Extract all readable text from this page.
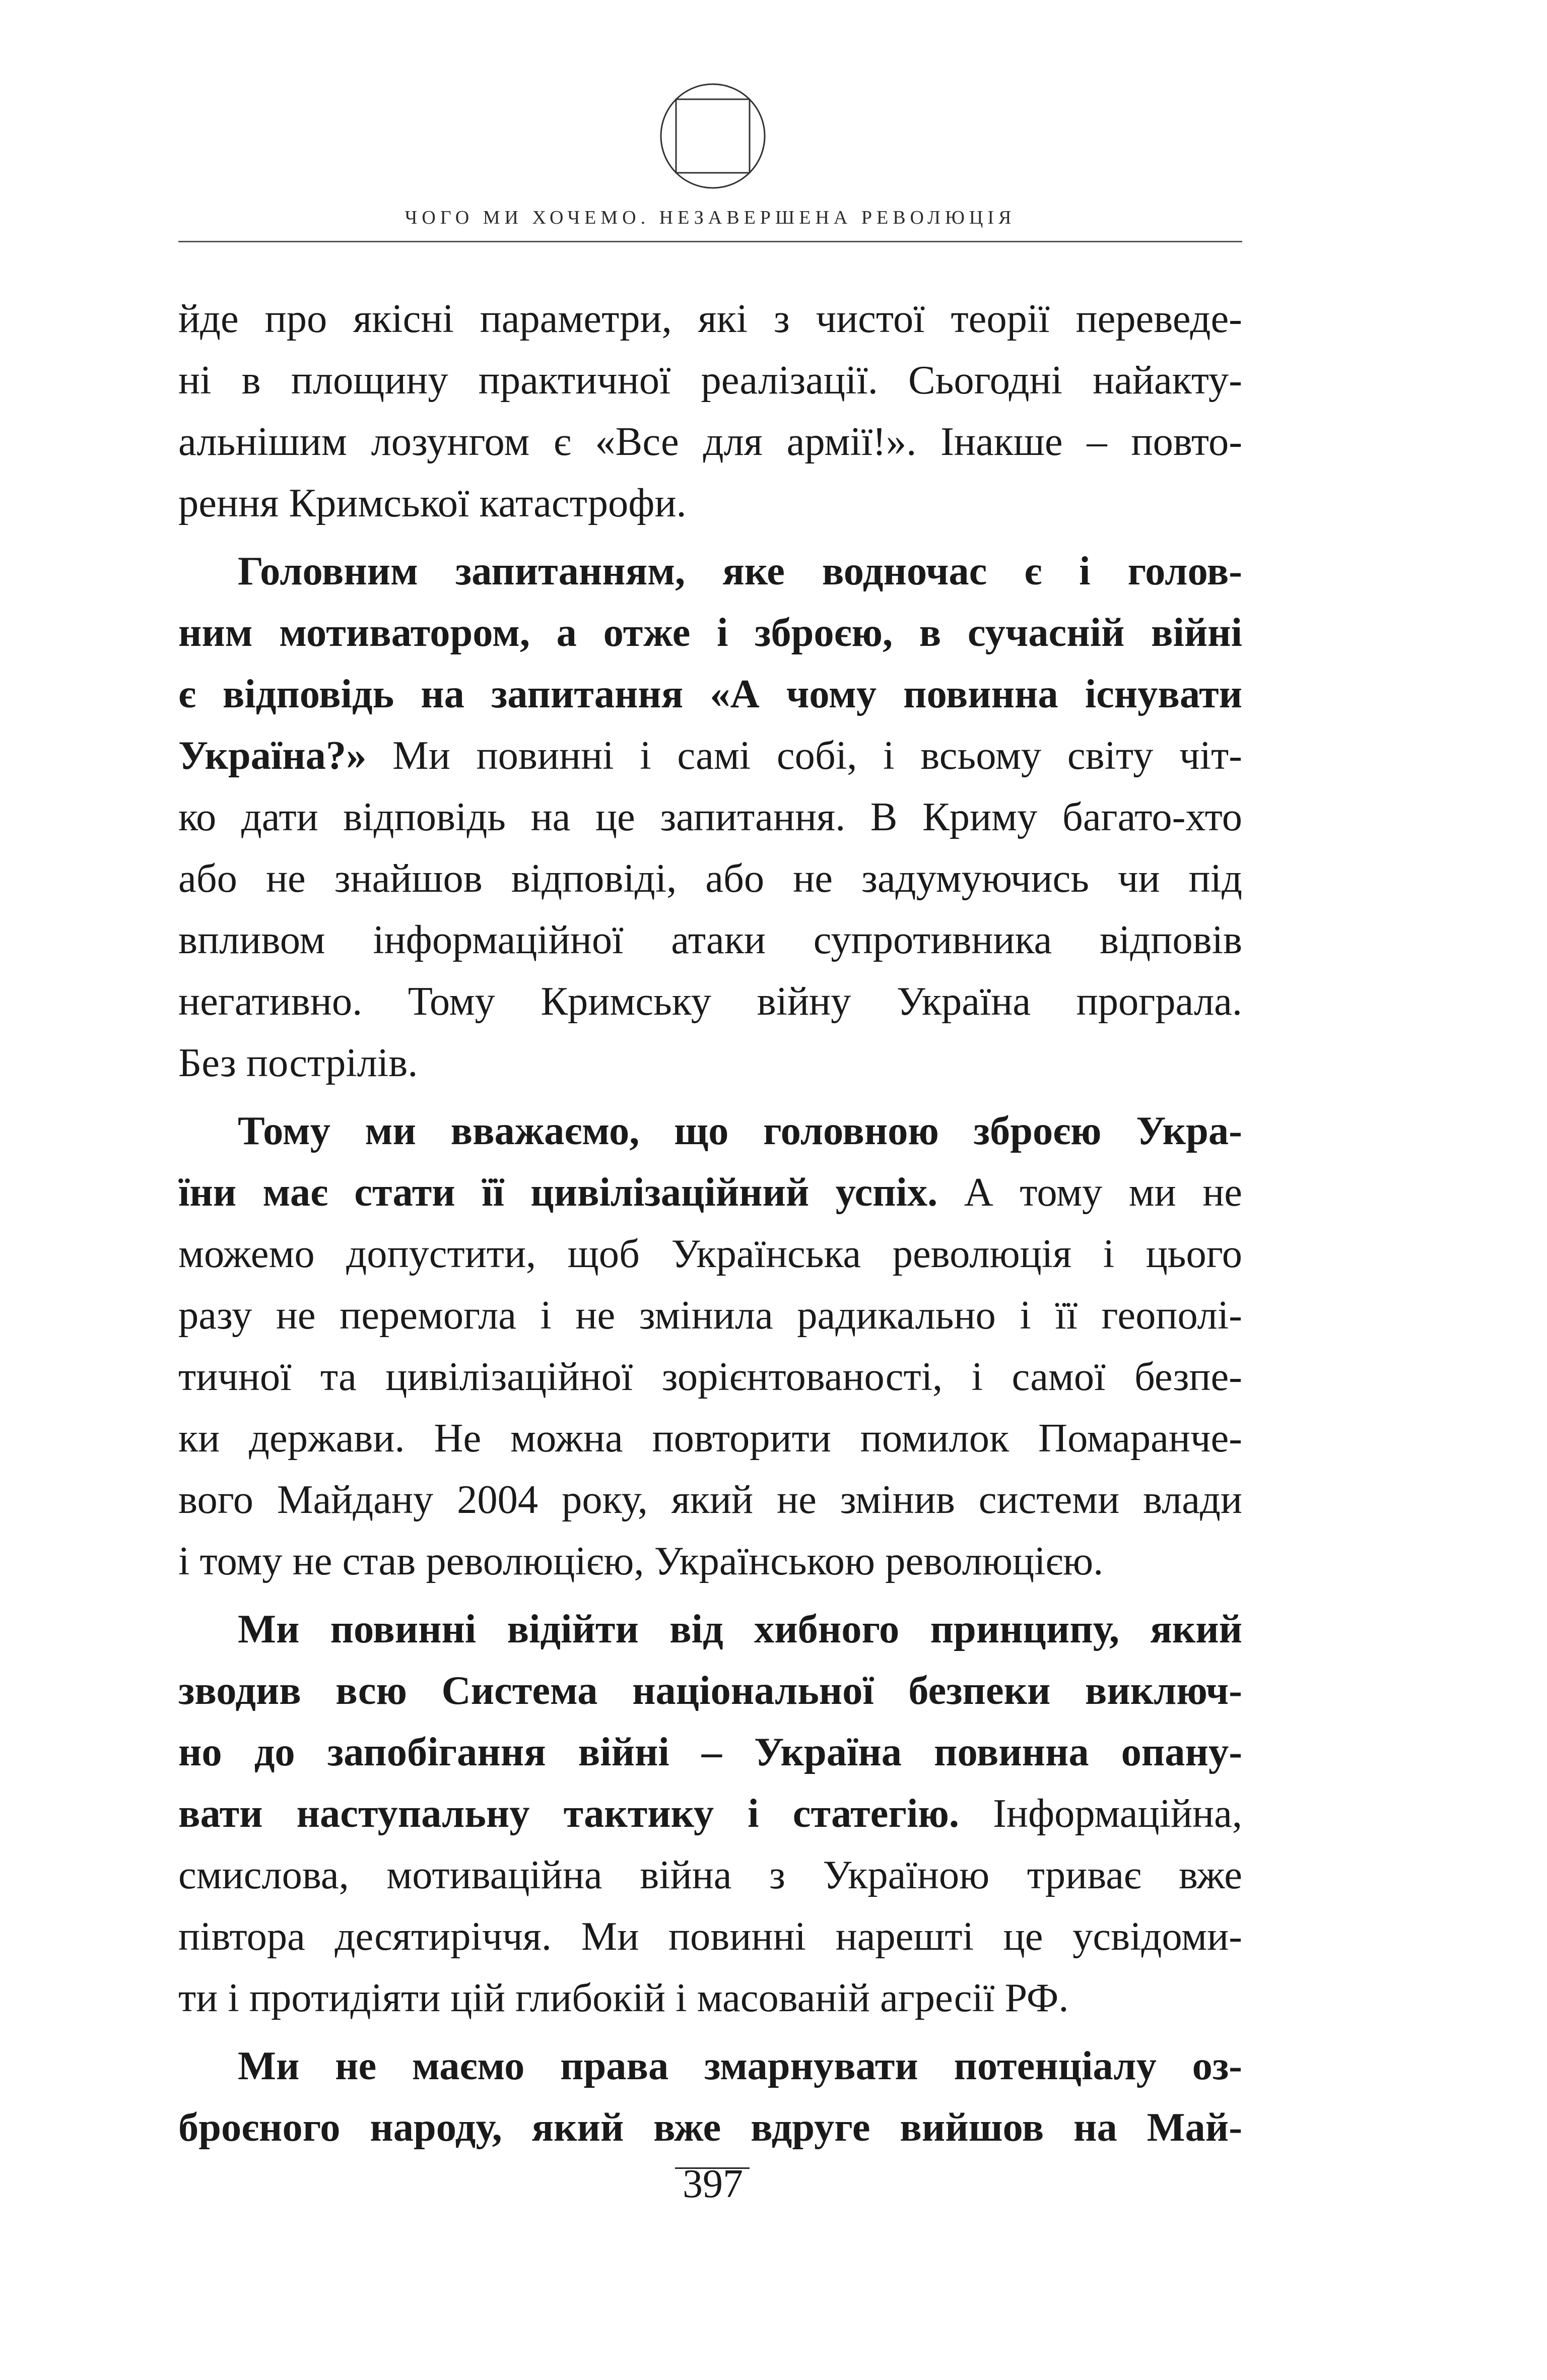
ЧОГО МИ ХОЧЕМО. НЕЗАВЕРШЕНА РЕВОЛЮЦІЯ
йде про якісні параметри, які з чистої теорії переведе-
ні в площину практичної реалізації. Сьогодні найакту-
альнішим лозунгом є «Все для армії!». Інакше – повто-
рення Кримської катастрофи.
Головним запитанням, яке водночас є і голов-
ним мотиватором, а отже і зброєю, в сучасній війні
є відповідь на запитання «А чому повинна існувати
Україна?» Ми повинні і самі собі, і всьому світу чіт-
ко дати відповідь на це запитання. В Криму багато-хто
або не знайшов відповіді, або не задумуючись чи під
впливом інформаційної атаки супротивника відповів
негативно. Тому Кримську війну Україна програла.
Без пострілів.
Тому ми вважаємо, що головною зброєю Укра-
їни має стати її цивілізаційний успіх. А тому ми не
можемо допустити, щоб Українська революція і цього
разу не перемогла і не змінила радикально і її геополі-
тичної та цивілізаційної зорієнтованості, і самої безпе-
ки держави. Не можна повторити помилок Помаранче-
вого Майдану 2004 року, який не змінив системи влади
і тому не став революцією, Українською революцією.
Ми повинні відійти від хибного принципу, який
зводив всю Система національної безпеки виключ-
но до запобігання війні – Україна повинна опану-
вати наступальну тактику і статегію. Інформаційна,
смислова, мотиваційна війна з Україною триває вже
півтора десятиріччя. Ми повинні нарешті це усвідоми-
ти і протидіяти цій глибокій і масованій агресії РФ.
Ми не маємо права змарнувати потенціалу оз-
броєного народу, який вже вдруге вийшов на Май-
397
